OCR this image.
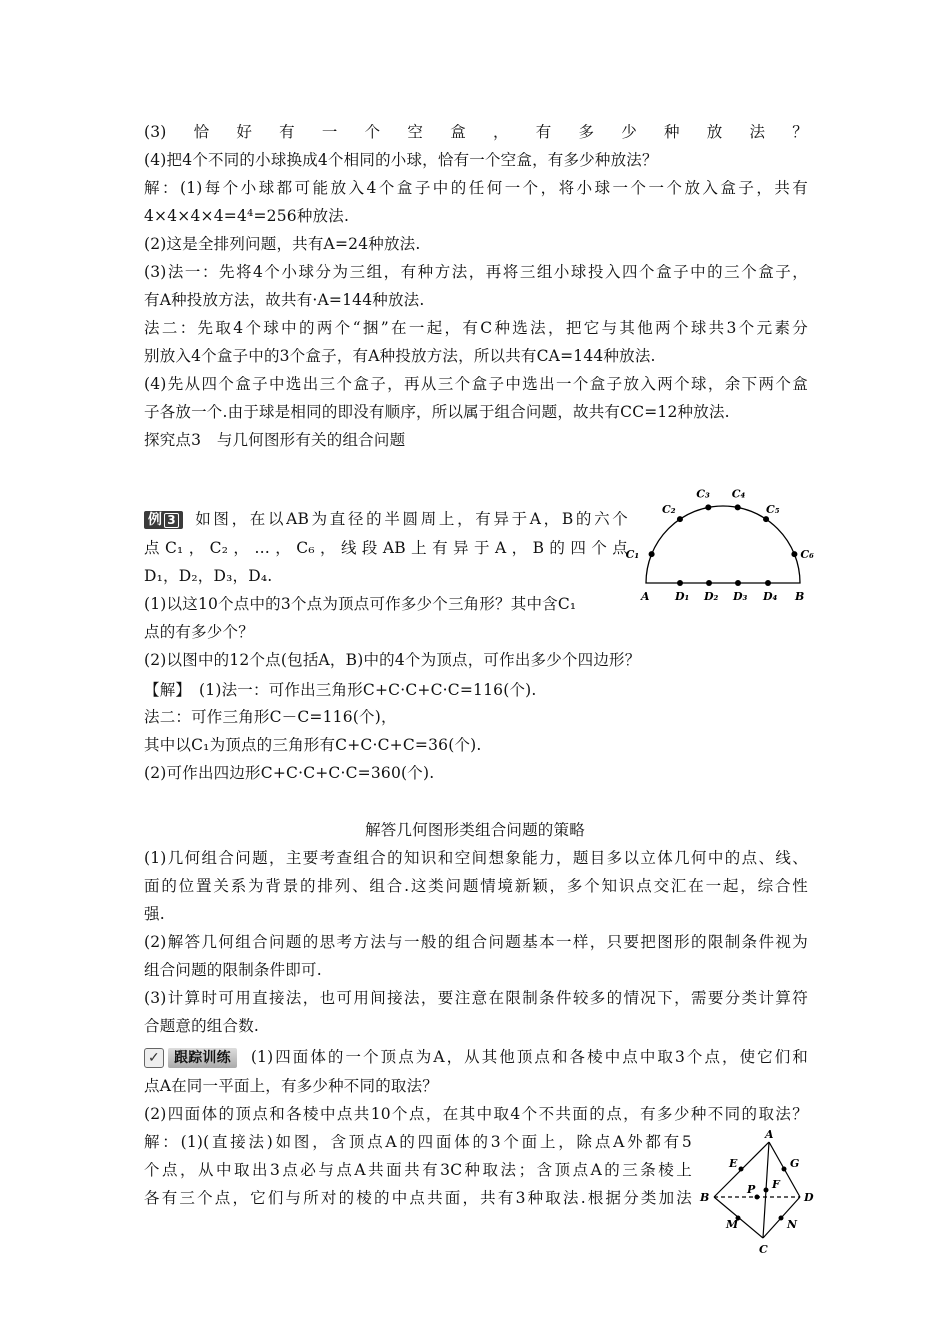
(3)恰好有一个空盒，有多少种放法？
(4)把4个不同的小球换成4个相同的小球，恰有一个空盒，有多少种放法？
解：(1)每个小球都可能放入4个盒子中的任何一个，将小球一个一个放入盒子，共有
4×4×4×4=4⁴=256种放法.
(2)这是全排列问题，共有A=24种放法.
(3)法一：先将4个小球分为三组，有种方法，再将三组小球投入四个盒子中的三个盒子，
有A种投放方法，故共有·A=144种放法.
法二：先取4个球中的两个“捆”在一起，有C种选法，把它与其他两个球共3个元素分
别放入4个盒子中的3个盒子，有A种投放方法，所以共有CA=144种放法.
(4)先从四个盒子中选出三个盒子，再从三个盒子中选出一个盒子放入两个球，余下两个盒
子各放一个.由于球是相同的即没有顺序，所以属于组合问题，故共有CC=12种放法.
探究点3　与几何图形有关的组合问题
例 3 如图，在以AB为直径的半圆周上，有异于A，B的六个
点C₁，C₂，…，C₆，线段AB上有异于A，B的四个点
D₁，D₂，D₃，D₄.
C₁
C₂
C₃ C₄
C₅
C₆
A D₁ D₂ D₃ D₄ B
(1)以这10个点中的3个点为顶点可作多少个三角形？其中含C₁
点的有多少个？
(2)以图中的12个点(包括A，B)中的4个为顶点，可作出多少个四边形？
【解】　(1)法一：可作出三角形C+C·C+C·C=116(个).
法二：可作三角形C－C=116(个)，
其中以C₁为顶点的三角形有C+C·C+C=36(个).
(2)可作出四边形C+C·C+C·C=360(个).
解答几何图形类组合问题的策略
(1)几何组合问题，主要考查组合的知识和空间想象能力，题目多以立体几何中的点、线、
面的位置关系为背景的排列、组合.这类问题情境新颖，多个知识点交汇在一起，综合性
强.
(2)解答几何组合问题的思考方法与一般的组合问题基本一样，只要把图形的限制条件视为
组合问题的限制条件即可.
(3)计算时可用直接法，也可用间接法，要注意在限制条件较多的情况下，需要分类计算符
合题意的组合数.
✓	跟踪训练	(1)四面体的一个顶点为A，从其他顶点和各棱中点中取3个点，使它们和
点A在同一平面上，有多少种不同的取法？
(2)四面体的顶点和各棱中点共10个点，在其中取4个不共面的点，有多少种不同的取法？
解：(1)(直接法)如图，含顶点A的四面体的3个面上，除点A外都有5
个点，从中取出3点必与点A共面共有3C种取法；含顶点A的三条棱上
各有三个点，它们与所对的棱的中点共面，共有3种取法.根据分类加法
A
B
C
D
E
F
G
M	N
P
